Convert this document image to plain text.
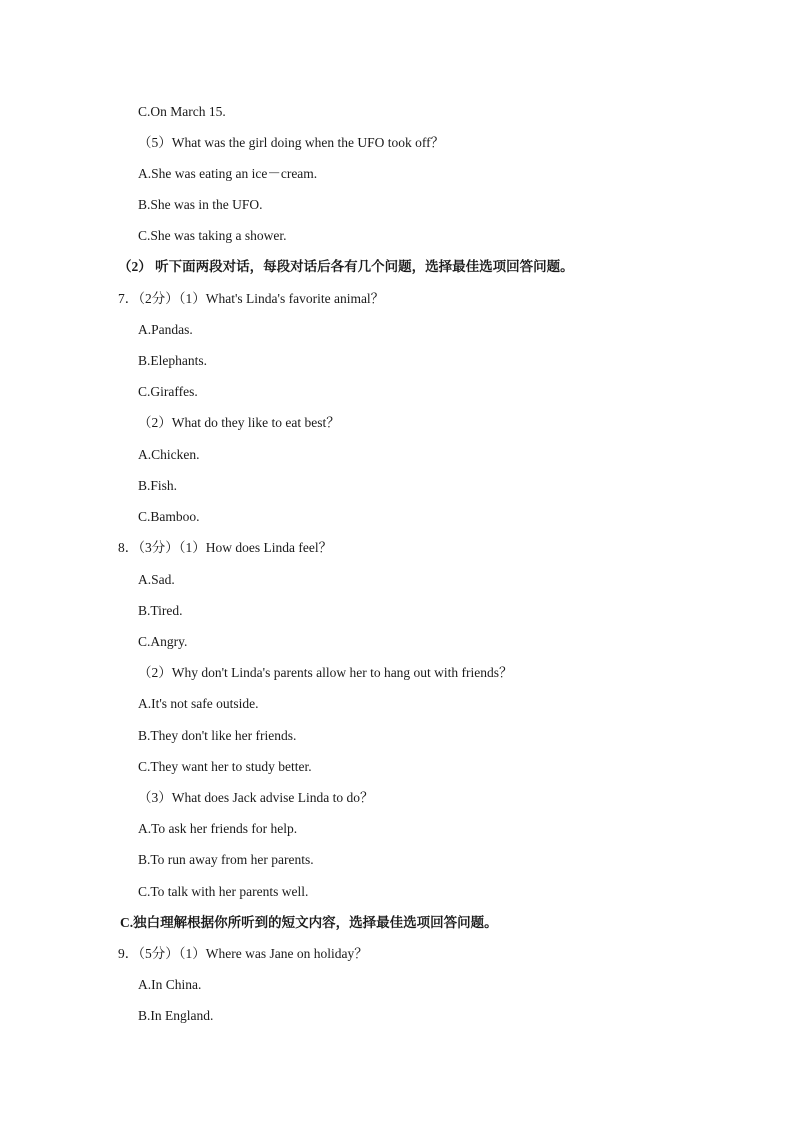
C.On March 15.
（5）What was the girl doing when the UFO took off？
A.She was eating an ice－cream.
B.She was in the UFO.
C.She was taking a shower.
（2） 听下面两段对话，每段对话后各有几个问题，选择最佳选项回答问题。
7．（2分）（1）What's Linda's favorite animal？
A.Pandas.
B.Elephants.
C.Giraffes.
（2）What do they like to eat best？
A.Chicken.
B.Fish.
C.Bamboo.
8．（3分）（1）How does Linda feel？
A.Sad.
B.Tired.
C.Angry.
（2）Why don't Linda's parents allow her to hang out with friends？
A.It's not safe outside.
B.They don't like her friends.
C.They want her to study better.
（3）What does Jack advise Linda to do？
A.To ask her friends for help.
B.To run away from her parents.
C.To talk with her parents well.
C.独白理解根据你所听到的短文内容，选择最佳选项回答问题。
9．（5分）（1）Where was Jane on holiday？
A.In China.
B.In England.
